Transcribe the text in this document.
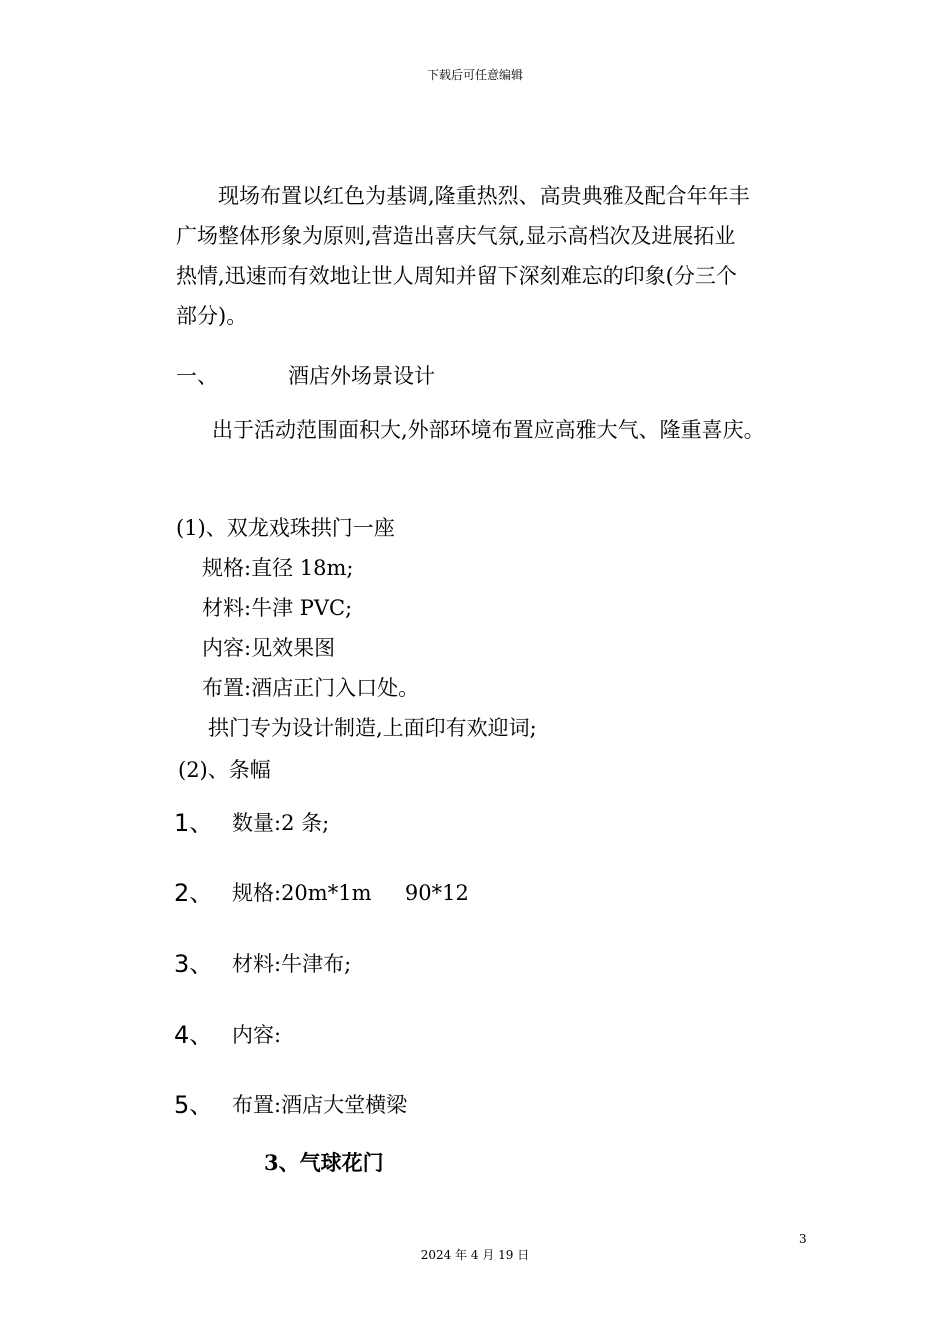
下载后可任意编辑
现场布置以红色为基调,隆重热烈、高贵典雅及配合年年丰
广场整体形象为原则,营造出喜庆气氛,显示高档次及进展拓业
热情,迅速而有效地让世人周知并留下深刻难忘的印象(分三个
部分)。
一、	酒店外场景设计
出于活动范围面积大,外部环境布置应高雅大气、隆重喜庆。
(1)、双龙戏珠拱门一座
规格:直径 18m;
材料:牛津 PVC;
内容:见效果图
布置:酒店正门入口处。
拱门专为设计制造,上面印有欢迎词;
(2)、条幅
1、 数量:2 条;
2、 规格:20m*1m     90*12
3、 材料:牛津布;
4、 内容:
5、 布置:酒店大堂横梁
3、气球花门
3
2024 年 4 月 19 日
